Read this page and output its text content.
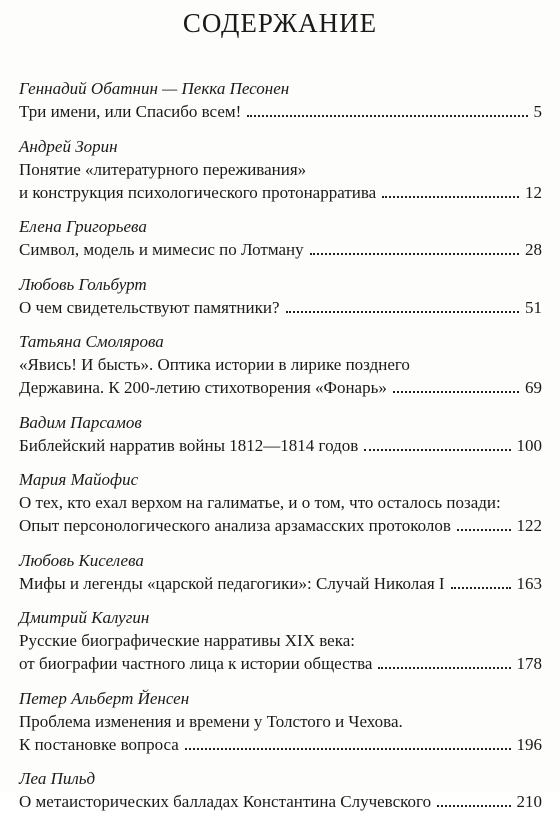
СОДЕРЖАНИЕ
Геннадий Обатнин — Пекка Песонен
Три имени, или Спасибо всем!	5
Андрей Зорин
Понятие «литературного переживания»
и конструкция психологического протонарратива	12
Елена Григорьева
Символ, модель и мимесис по Лотману	28
Любовь Гольбурт
О чем свидетельствуют памятники?	51
Татьяна Смолярова
«Явись! И бысть». Оптика истории в лирике позднего
Державина. К 200-летию стихотворения «Фонарь»	69
Вадим Парсамов
Библейский нарратив войны 1812—1814 годов	100
Мария Майофис
О тех, кто ехал верхом на галиматье, и о том, что осталось позади:
Опыт персонологического анализа арзамасских протоколов	122
Любовь Киселева
Мифы и легенды «царской педагогики»: Случай Николая I	163
Дмитрий Калугин
Русские биографические нарративы XIX века:
от биографии частного лица к истории общества	178
Петер Альберт Йенсен
Проблема изменения и времени у Толстого и Чехова.
К постановке вопроса	196
Леа Пильд
О метаисторических балладах Константина Случевского	210
